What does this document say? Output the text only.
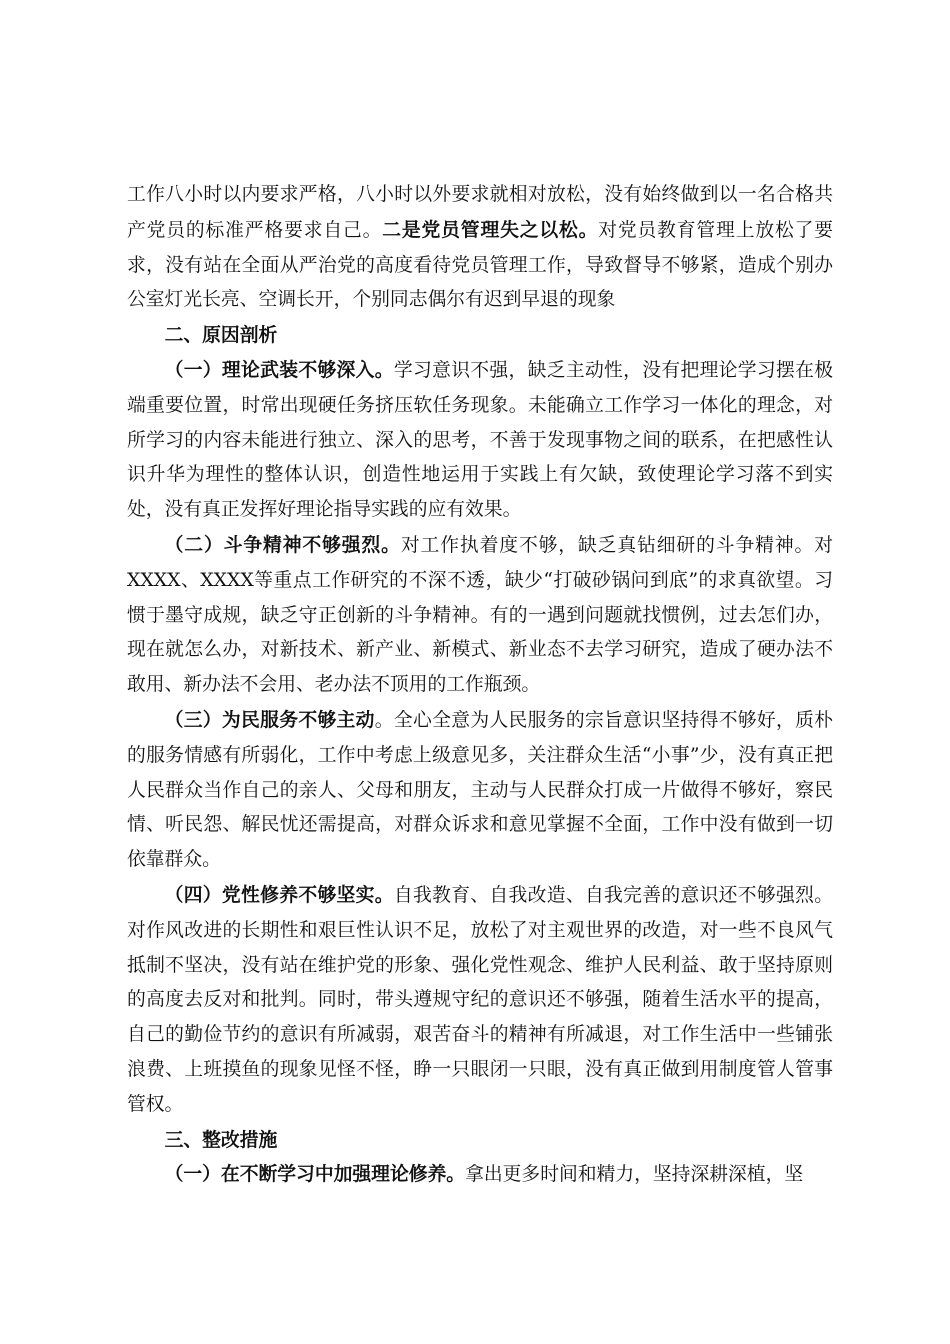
工作八小时以内要求严格，八小时以外要求就相对放松，没有始终做到以一名合格共产党员的标准严格要求自己。二是党员管理失之以松。对党员教育管理上放松了要求，没有站在全面从严治党的高度看待党员管理工作，导致督导不够紧，造成个别办公室灯光长亮、空调长开，个别同志偶尔有迟到早退的现象

二、原因剖析

（一）理论武装不够深入。学习意识不强，缺乏主动性，没有把理论学习摆在极端重要位置，时常出现硬任务挤压软任务现象。未能确立工作学习一体化的理念，对所学习的内容未能进行独立、深入的思考，不善于发现事物之间的联系，在把感性认识升华为理性的整体认识，创造性地运用于实践上有欠缺，致使理论学习落不到实处，没有真正发挥好理论指导实践的应有效果。

（二）斗争精神不够强烈。对工作执着度不够，缺乏真钻细研的斗争精神。对XXXX、XXXX等重点工作研究的不深不透，缺少“打破砂锅问到底”的求真欲望。习惯于墨守成规，缺乏守正创新的斗争精神。有的一遇到问题就找惯例，过去怎们办，现在就怎么办，对新技术、新产业、新模式、新业态不去学习研究，造成了硬办法不敢用、新办法不会用、老办法不顶用的工作瓶颈。

（三）为民服务不够主动。全心全意为人民服务的宗旨意识坚持得不够好，质朴的服务情感有所弱化，工作中考虑上级意见多，关注群众生活“小事”少，没有真正把人民群众当作自己的亲人、父母和朋友，主动与人民群众打成一片做得不够好，察民情、听民怨、解民忧还需提高，对群众诉求和意见掌握不全面，工作中没有做到一切依靠群众。

（四）党性修养不够坚实。自我教育、自我改造、自我完善的意识还不够强烈。对作风改进的长期性和艰巨性认识不足，放松了对主观世界的改造，对一些不良风气抵制不坚决，没有站在维护党的形象、强化党性观念、维护人民利益、敢于坚持原则的高度去反对和批判。同时，带头遵规守纪的意识还不够强，随着生活水平的提高，自己的勤俭节约的意识有所减弱，艰苦奋斗的精神有所减退，对工作生活中一些铺张浪费、上班摸鱼的现象见怪不怪，睁一只眼闭一只眼，没有真正做到用制度管人管事管权。

三、整改措施

（一）在不断学习中加强理论修养。拿出更多时间和精力，坚持深耕深植，坚
